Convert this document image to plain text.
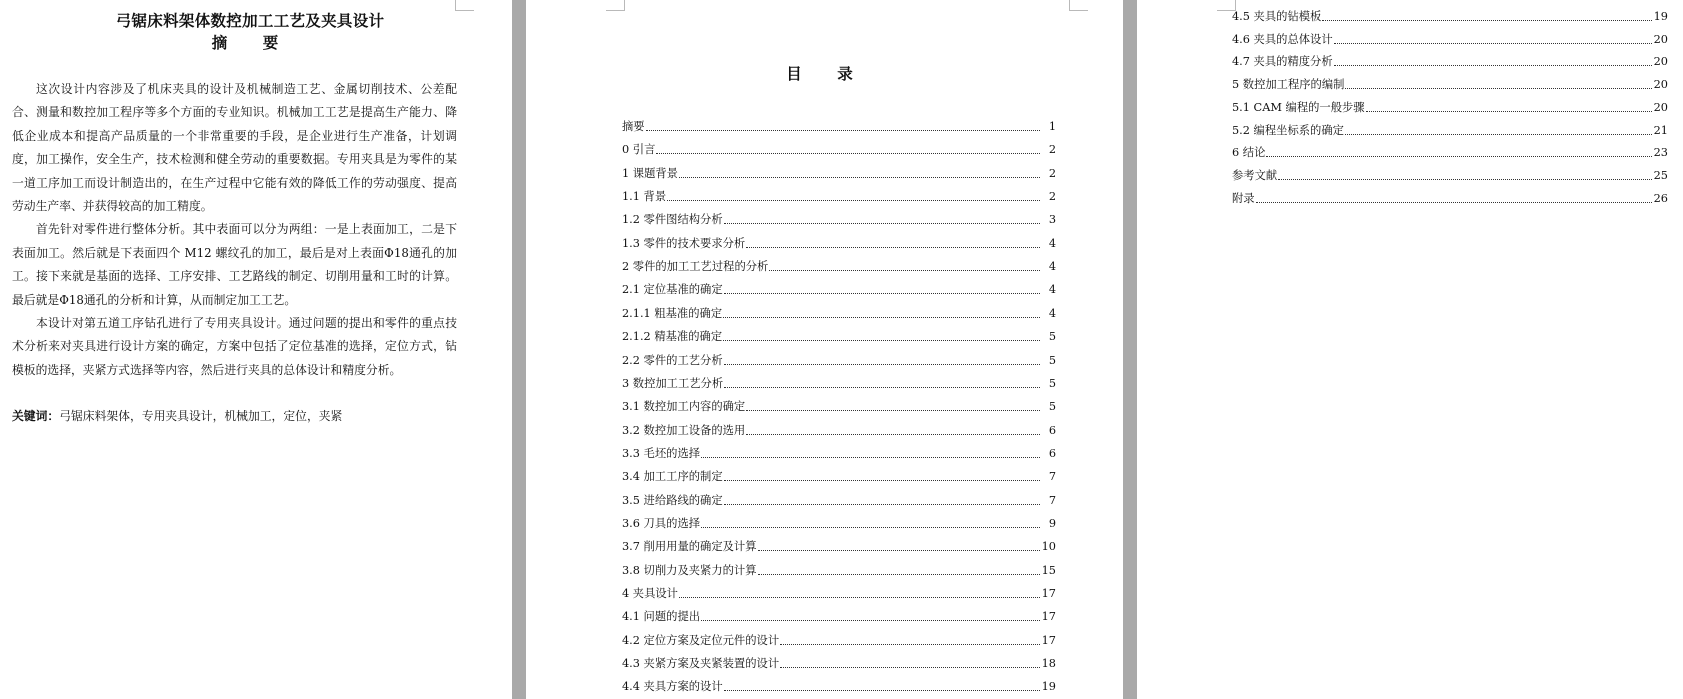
弓锯床料架体数控加工工艺及夹具设计
摘　要

这次设计内容涉及了机床夹具的设计及机械制造工艺、金属切削技术、公差配合、测量和数控加工程序等多个方面的专业知识。机械加工工艺是提高生产能力、降低企业成本和提高产品质量的一个非常重要的手段，是企业进行生产准备，计划调度，加工操作，安全生产，技术检测和健全劳动的重要数据。专用夹具是为零件的某一道工序加工而设计制造出的，在生产过程中它能有效的降低工作的劳动强度、提高劳动生产率、并获得较高的加工精度。

首先针对零件进行整体分析。其中表面可以分为两组：一是上表面加工，二是下表面加工。然后就是下表面四个 M12 螺纹孔的加工，最后是对上表面Φ18通孔的加工。接下来就是基面的选择、工序安排、工艺路线的制定、切削用量和工时的计算。最后就是Φ18通孔的分析和计算，从而制定加工工艺。

本设计对第五道工序钻孔进行了专用夹具设计。通过问题的提出和零件的重点技术分析来对夹具进行设计方案的确定，方案中包括了定位基准的选择，定位方式，钻模板的选择，夹紧方式选择等内容，然后进行夹具的总体设计和精度分析。

关键词：弓锯床料架体，专用夹具设计，机械加工，定位，夹紧
目　录
摘要	1
0 引言	2
1 课题背景	2
1.1 背景	2
1.2 零件图结构分析	3
1.3 零件的技术要求分析	4
2 零件的加工工艺过程的分析	4
2.1 定位基准的确定	4
2.1.1 粗基准的确定	4
2.1.2 精基准的确定	5
2.2 零件的工艺分析	5
3 数控加工工艺分析	5
3.1 数控加工内容的确定	5
3.2 数控加工设备的选用	6
3.3 毛坯的选择	6
3.4 加工工序的制定	7
3.5 进给路线的确定	7
3.6 刀具的选择	9
3.7 削用用量的确定及计算	10
3.8 切削力及夹紧力的计算	15
4 夹具设计	17
4.1 问题的提出	17
4.2 定位方案及定位元件的设计	17
4.3 夹紧方案及夹紧装置的设计	18
4.4 夹具方案的设计	19
4.5 夹具的钻模板	19
4.6 夹具的总体设计	20
4.7 夹具的精度分析	20
5 数控加工程序的编制	20
5.1 CAM 编程的一般步骤	20
5.2 编程坐标系的确定	21
6 结论	23
参考文献	25
附录	26
